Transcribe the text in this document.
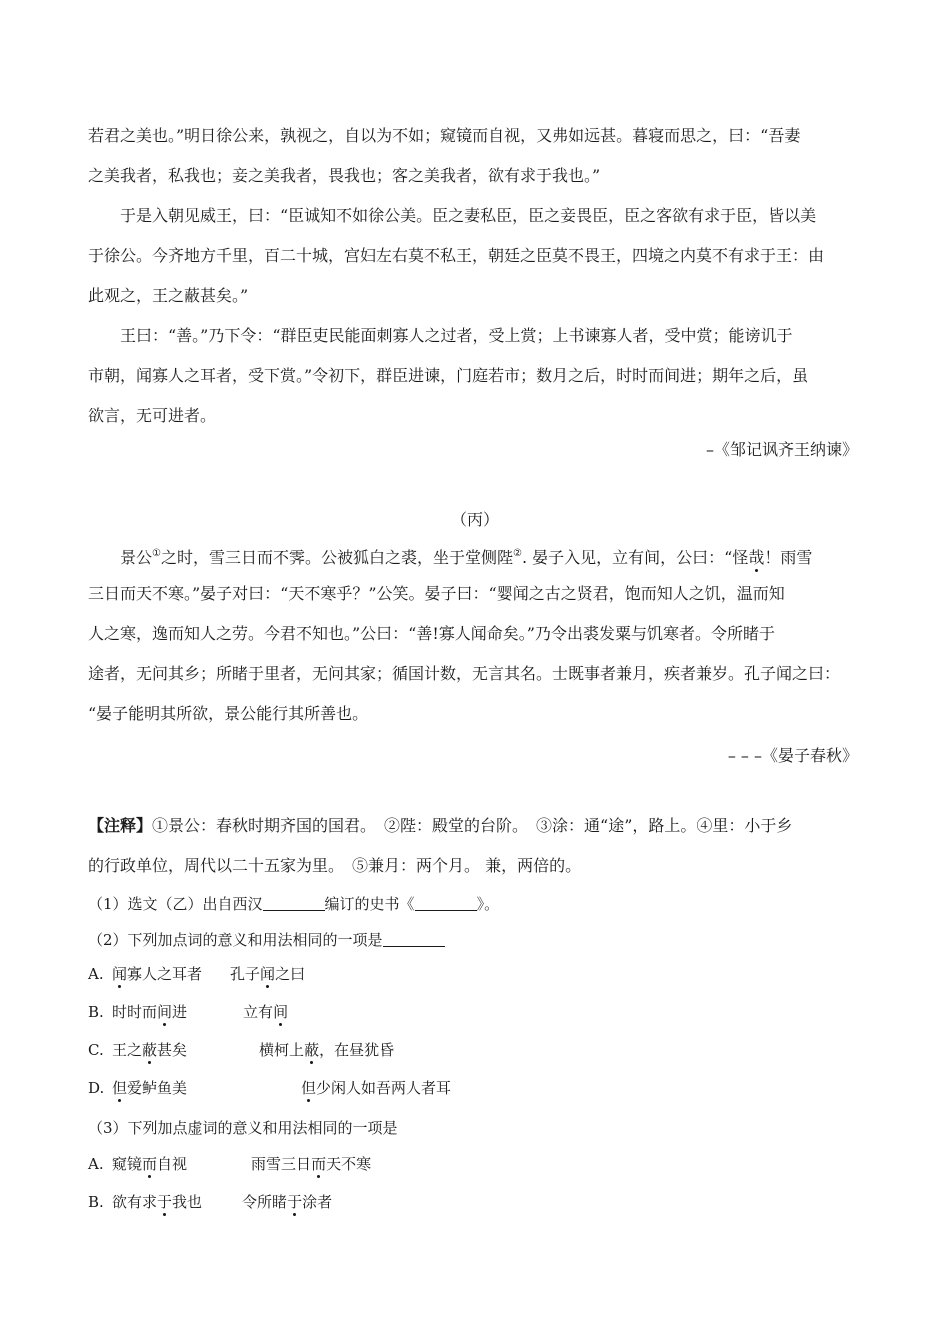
若君之美也。”明日徐公来，孰视之，自以为不如；窥镜而自视，又弗如远甚。暮寝而思之，曰：“吾妻
之美我者，私我也；妾之美我者，畏我也；客之美我者，欲有求于我也。”
于是入朝见威王，曰：“臣诚知不如徐公美。臣之妻私臣，臣之妾畏臣，臣之客欲有求于臣，皆以美
于徐公。今齐地方千里，百二十城，宫妇左右莫不私王，朝廷之臣莫不畏王，四境之内莫不有求于王：由
此观之，王之蔽甚矣。”
王曰：“善。”乃下令：“群臣吏民能面刺寡人之过者，受上赏；上书谏寡人者，受中赏；能谤讥于
市朝，闻寡人之耳者，受下赏。”令初下，群臣进谏，门庭若市；数月之后，时时而间进；期年之后，虽
欲言，无可进者。
–《邹记讽齐王纳谏》
（丙）
景公①之时，雪三日而不霁。公被狐白之裘，坐于堂侧陛②. 晏子入见，立有间，公曰：“怪哉！雨雪
三日而天不寒。”晏子对曰：“天不寒乎？”公笑。晏子曰：“婴闻之古之贤君，饱而知人之饥，温而知
人之寒，逸而知人之劳。今君不知也。”公曰：“善!寡人闻命矣。”乃令出裘发粟与饥寒者。令所睹于
途者，无问其乡；所睹于里者，无问其家；循国计数，无言其名。士既事者兼月，疾者兼岁。孔子闻之曰：
“晏子能明其所欲，景公能行其所善也。
– – –《晏子春秋》
【注释】①景公：春秋时期齐国的国君。　②陛：殿堂的台阶。　③涂：通“途”，路上。④里：小于乡
的行政单位，周代以二十五家为里。　⑤兼月：两个月。 兼，两倍的。
（1）选文（乙）出自西汉	编订的史书《	》。
（2）下列加点词的意义和用法相同的一项是
A. 闻寡人之耳者 孔子闻之曰
B. 时时而间进	立有间
C. 王之蔽甚矣	横柯上蔽，在昼犹昏
D. 但爱鲈鱼美	但少闲人如吾两人者耳
（3）下列加点虚词的意义和用法相同的一项是
A. 窥镜而自视	雨雪三日而天不寒
B. 欲有求于我也	令所睹于涂者
